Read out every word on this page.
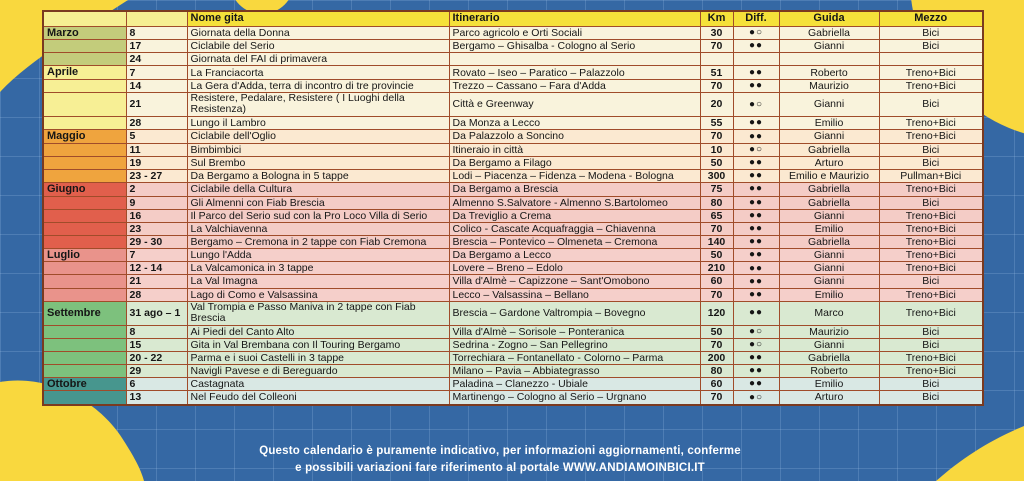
		Nome gita	Itinerario	Km	Diff.	Guida	Mezzo
Marzo	8	Giornata della Donna	Parco agricolo e Orti Sociali	30	●○	Gabriella	Bici
	17	Ciclabile del Serio	Bergamo – Ghisalba - Cologno al Serio	70	●●	Gianni	Bici
	24	Giornata del FAI di primavera					
Aprile	7	La Franciacorta	Rovato – Iseo – Paratico – Palazzolo	51	●●	Roberto	Treno+Bici
	14	La Gera d'Adda, terra di incontro di tre provincie	Trezzo – Cassano – Fara d'Adda	70	●●	Maurizio	Treno+Bici
	21	Resistere, Pedalare, Resistere ( I Luoghi della Resistenza)	Città e Greenway	20	●○	Gianni	Bici
	28	Lungo il Lambro	Da Monza a Lecco	55	●●	Emilio	Treno+Bici
Maggio	5	Ciclabile dell'Oglio	Da Palazzolo a Soncino	70	●●	Gianni	Treno+Bici
	11	Bimbimbici	Itineraio in città	10	●○	Gabriella	Bici
	19	Sul Brembo	Da Bergamo a Filago	50	●●	Arturo	Bici
	23 - 27	Da Bergamo a Bologna in 5 tappe	Lodi – Piacenza – Fidenza – Modena - Bologna	300	●●	Emilio e Maurizio	Pullman+Bici
Giugno	2	Ciclabile della Cultura	Da Bergamo a Brescia	75	●●	Gabriella	Treno+Bici
	9	Gli Almenni con Fiab Brescia	Almenno S.Salvatore - Almenno S.Bartolomeo	80	●●	Gabriella	Bici
	16	Il Parco del Serio sud con la Pro Loco Villa di Serio	Da Treviglio a Crema	65	●●	Gianni	Treno+Bici
	23	La Valchiavenna	Colico - Cascate Acquafraggia – Chiavenna	70	●●	Emilio	Treno+Bici
	29 - 30	Bergamo – Cremona in 2 tappe con Fiab Cremona	Brescia – Pontevico – Olmeneta – Cremona	140	●●	Gabriella	Treno+Bici
Luglio	7	Lungo l'Adda	Da Bergamo a Lecco	50	●●	Gianni	Treno+Bici
	12 - 14	La Valcamonica in 3 tappe	Lovere – Breno – Edolo	210	●●	Gianni	Treno+Bici
	21	La Val Imagna	Villa d'Almè – Capizzone – Sant'Omobono	60	●●	Gianni	Bici
	28	Lago di Como e Valsassina	Lecco – Valsassina – Bellano	70	●●	Emilio	Treno+Bici
Settembre	31 ago – 1	Val Trompia e Passo Maniva in 2 tappe con Fiab Brescia	Brescia – Gardone Valtrompia – Bovegno	120	●●	Marco	Treno+Bici
	8	Ai Piedi del Canto Alto	Villa d'Almè – Sorisole – Ponteranica	50	●○	Maurizio	Bici
	15	Gita in Val Brembana con Il Touring Bergamo	Sedrina - Zogno – San Pellegrino	70	●○	Gianni	Bici
	20 - 22	Parma e i suoi Castelli in 3 tappe	Torrechiara – Fontanellato - Colorno – Parma	200	●●	Gabriella	Treno+Bici
	29	Navigli Pavese e di Bereguardo	Milano – Pavia – Abbiategrasso	80	●●	Roberto	Treno+Bici
Ottobre	6	Castagnata	Paladina – Clanezzo - Ubiale	60	●●	Emilio	Bici
	13	Nel Feudo del Colleoni	Martinengo – Cologno al Serio – Urgnano	70	●○	Arturo	Bici
Questo calendario è puramente indicativo, per informazioni aggiornamenti, conferme
e possibili variazioni fare riferimento al portale WWW.ANDIAMOINBICI.IT
